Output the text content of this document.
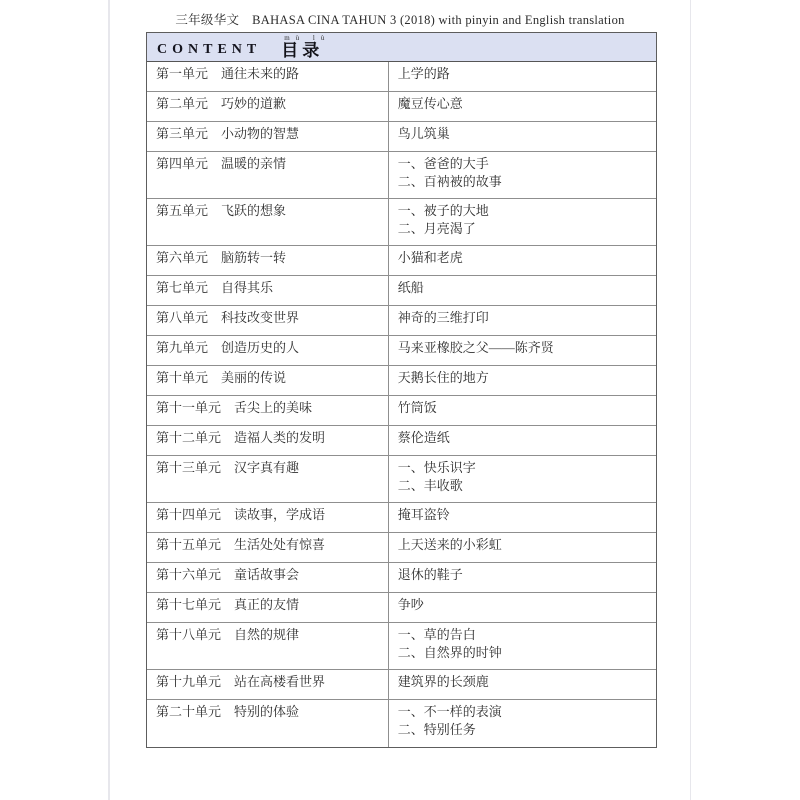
三年级华文　BAHASA CINA TAHUN 3 (2018) with pinyin and English translation
CONTENT
mù lù
目录
第一单元 通往未来的路	上学的路
第二单元 巧妙的道歉	魔豆传心意
第三单元 小动物的智慧	鸟儿筑巢
第四单元 温暖的亲情	一、爸爸的大手
二、百衲被的故事
第五单元 飞跃的想象	一、被子的大地
二、月亮渴了
第六单元 脑筋转一转	小猫和老虎
第七单元 自得其乐	纸船
第八单元 科技改变世界	神奇的三维打印
第九单元 创造历史的人	马来亚橡胶之父——陈齐贤
第十单元 美丽的传说	天鹅长住的地方
第十一单元 舌尖上的美味	竹筒饭
第十二单元 造福人类的发明	蔡伦造纸
第十三单元 汉字真有趣	一、快乐识字
二、丰收歌
第十四单元 读故事，学成语	掩耳盗铃
第十五单元 生活处处有惊喜	上天送来的小彩虹
第十六单元 童话故事会	退休的鞋子
第十七单元 真正的友情	争吵
第十八单元 自然的规律	一、草的告白
二、自然界的时钟
第十九单元 站在高楼看世界	建筑界的长颈鹿
第二十单元 特别的体验	一、不一样的表演
二、特别任务
